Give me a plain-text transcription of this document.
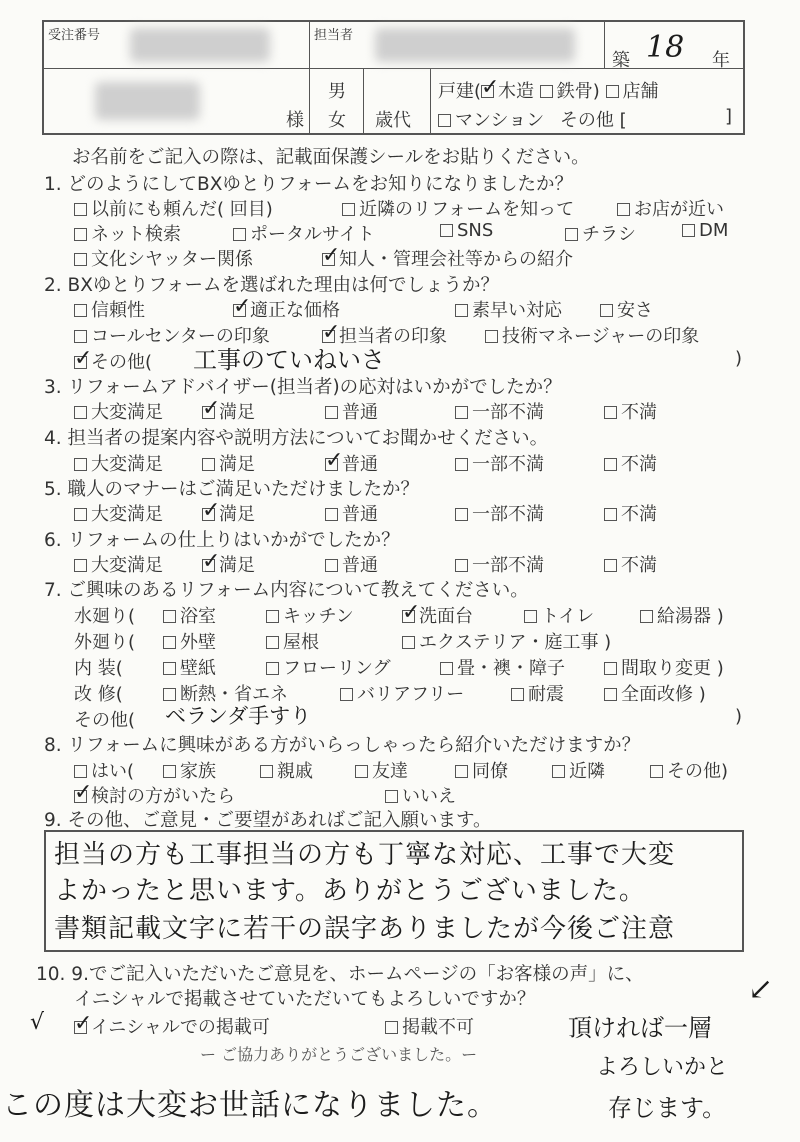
受注番号	担当者
築 18 年
様
男
女 歳代
戸建( ✓ 木造 鉄骨) 店舗
マンション その他 [	]
お名前をご記入の際は、記載面保護シールをお貼りください。
1. どのようにしてBXゆとりフォームをお知りになりましたか？
以前にも頼んだ( 回目)	近隣のリフォームを知って	お店が近い
ネット検索	ポータルサイト	SNS	チラシ	DM
文化シヤッター関係 ✓	知人・管理会社等からの紹介
2. BXゆとりフォームを選ばれた理由は何でしょうか？
信頼性 ✓	適正な価格	素早い対応	安さ
コールセンターの印象 ✓	担当者の印象	技術マネージャーの印象
✓その他( 工事のていねいさ	)
3. リフォームアドバイザー(担当者)の応対はいかがでしたか？
大変満足 ✓	満足	普通	一部不満	不満
4. 担当者の提案内容や説明方法についてお聞かせください。
大変満足	満足 ✓	普通	一部不満	不満
5. 職人のマナーはご満足いただけましたか？
大変満足 ✓	満足	普通	一部不満	不満
6. リフォームの仕上りはいかがでしたか？
大変満足 ✓	満足	普通	一部不満	不満
7. ご興味のあるリフォーム内容について教えてください。
水廻り(	浴室	キッチン ✓	洗面台	トイレ	給湯器 )
外廻り(	外壁	屋根	エクステリア・庭工事 )
内 装(	壁紙	フローリング	畳・襖・障子	間取り変更 )
改 修(	断熱・省エネ	バリアフリー	耐震	全面改修 )
その他( ベランダ手すり	)
8. リフォームに興味がある方がいらっしゃったら紹介いただけますか？
はい(	家族	親戚	友達	同僚	近隣	その他)
✓検討の方がいたら	いいえ
9. その他、ご意見・ご要望があればご記入願います。
担当の方も工事担当の方も丁寧な対応、工事で大変
よかったと思います。ありがとうございました。
書類記載文字に若干の誤字ありましたが今後ご注意
10. 9.でご記入いただいたご意見を、ホームページの「お客様の声」に、
イニシャルで掲載させていただいてもよろしいですか？
√ ✓	イニシャルでの掲載可	掲載不可
↙
ー ご協力ありがとうございました。ー
頂ければ一層
よろしいかと
存じます。
この度は大変お世話になりました。
